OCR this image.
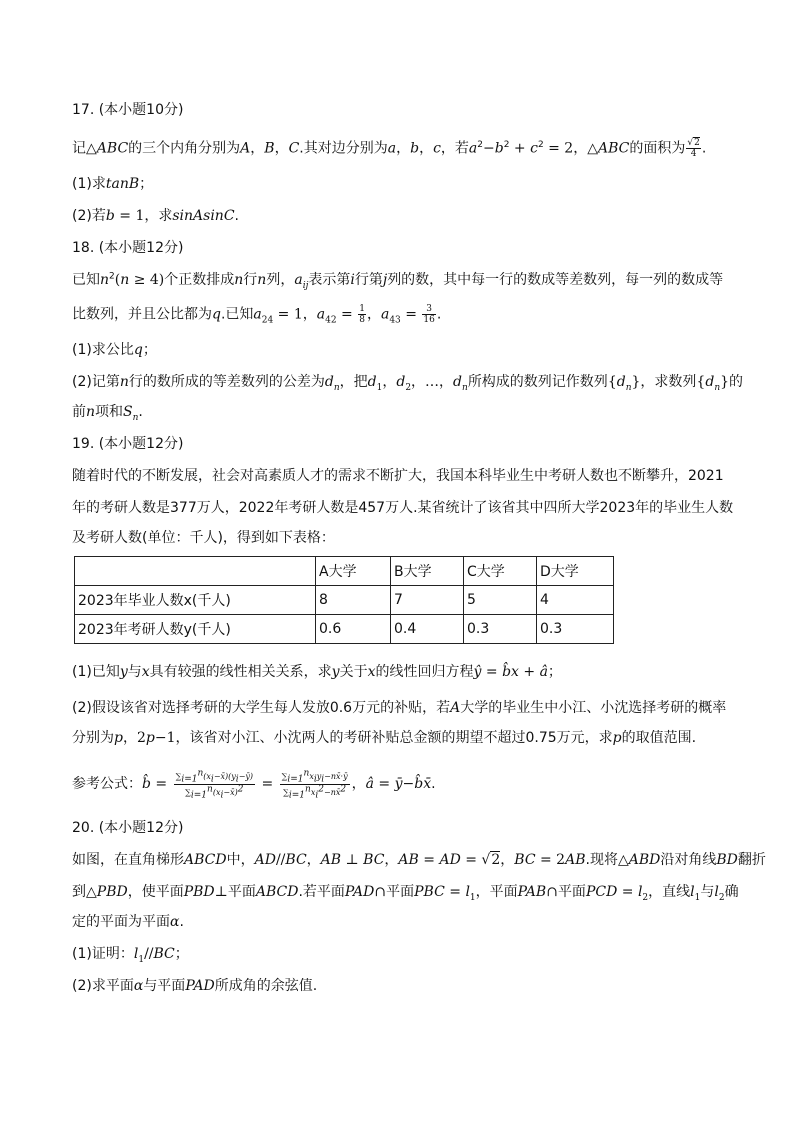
17. (本小题10分)
记△ABC的三个内角分别为A，B，C.其对边分别为a，b，c，若$a^2-b^2 + c^2 = 2$，△ABC的面积为 $\frac{√2}{4}$ .
(1)求tanB；
(2)若b = 1，求sinAsinC.
18. (本小题12分)
已知$n^2(n \ge 4)$个正数排成n行n列，$a_{ij}$表示第i行第j列的数，其中每一行的数成等差数列，每一列的数成等
比数列，并且公比都为q.已知$a_{24} = 1$，$a_{42} = \frac{1}{8}$ ，$a_{43} = \frac{3}{16}$ .
(1)求公比q；
(2)记第n行的数所成的等差数列的公差为$d_n$，把$d_1$，$d_2$，…，$d_n$所构成的数列记作数列$\{d_n\}$，求数列$\{d_n\}$的
前n项和$S_n$.
19. (本小题12分)
随着时代的不断发展，社会对高素质人才的需求不断扩大，我国本科毕业生中考研人数也不断攀升，2021
年的考研人数是377万人，2022年考研人数是457万人.某省统计了该省其中四所大学2023年的毕业生人数
及考研人数(单位：千人)，得到如下表格：
	A大学	B大学	C大学	D大学
2023年毕业人数x(千人)	8	7	5	4
2023年考研人数y(千人)	0.6	0.4	0.3	0.3
(1)已知y与x具有较强的线性相关关系，求y关于x的线性回归方程ŷ = b̂x + â；
(2)假设该省对选择考研的大学生每人发放0.6万元的补贴，若A大学的毕业生中小江、小沈选择考研的概率
分别为p，2p−1，该省对小江、小沈两人的考研补贴总金额的期望不超过0.75万元，求p的取值范围.
参考公式：b̂ = $\frac{\sum_{i=1}^n(x_i-x̄)(y_i-ȳ)}{\sum_{i=1}^n(x_i-x̄)^2}$ = $\sum_{i=1}^nx_iy_i-nx̄\cdot ȳ$
$\sum_{i=1}^nx_i^2-nx̄^2$ ，â = ȳ−b̂x̄.
20. (本小题12分)
如图，在直角梯形ABCD中，AD//BC，AB ⊥ BC，AB = AD = √2，BC = 2AB.现将△ABD沿对角线BD翻折
到△PBD，使平面PBD⊥平面ABCD.若平面PAD∩平面PBC = $l_1$，平面PAB∩平面PCD = $l_2$，直线$l_1$与$l_2$确
定的平面为平面α.
(1)证明：$l_1//BC$；
(2)求平面α与平面PAD所成角的余弦值.
